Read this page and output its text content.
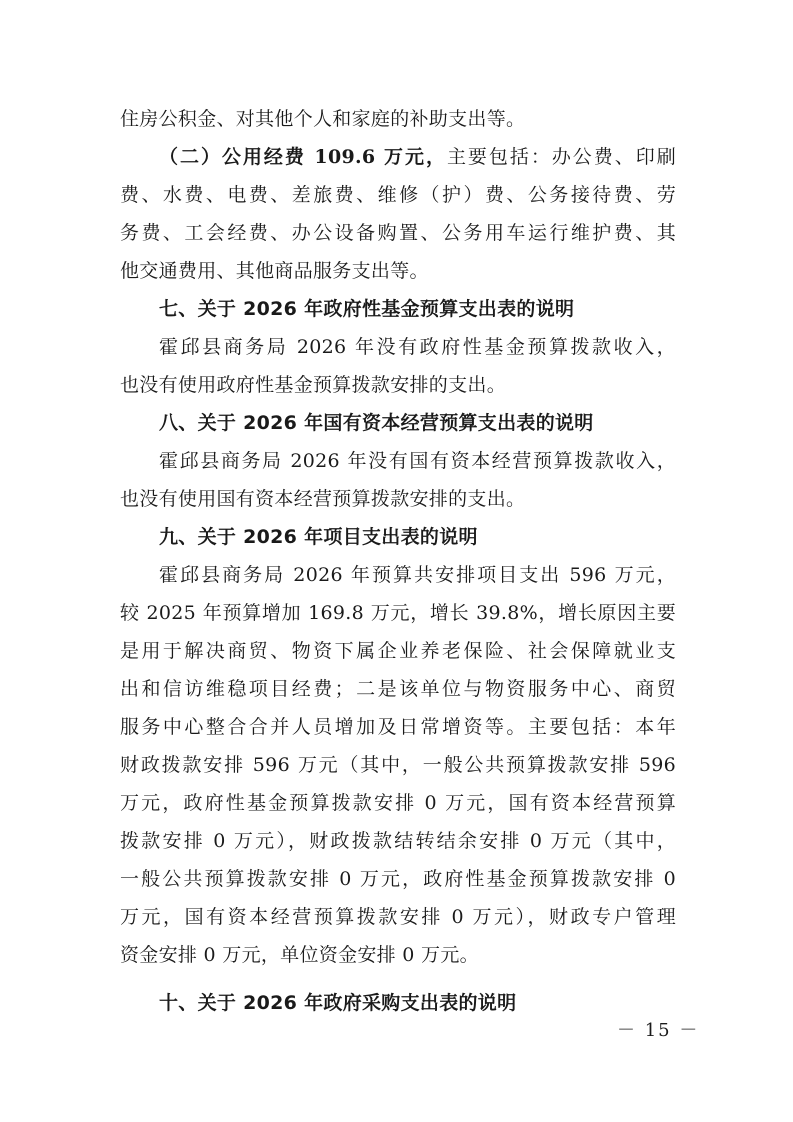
住房公积金、对其他个人和家庭的补助支出等。
（二）公用经费 109.6 万元，主要包括：办公费、印刷
费、水费、电费、差旅费、维修（护）费、公务接待费、劳
务费、工会经费、办公设备购置、公务用车运行维护费、其
他交通费用、其他商品服务支出等。
七、关于 2026 年政府性基金预算支出表的说明
霍邱县商务局 2026 年没有政府性基金预算拨款收入，
也没有使用政府性基金预算拨款安排的支出。
八、关于 2026 年国有资本经营预算支出表的说明
霍邱县商务局 2026 年没有国有资本经营预算拨款收入，
也没有使用国有资本经营预算拨款安排的支出。
九、关于 2026 年项目支出表的说明
霍邱县商务局 2026 年预算共安排项目支出 596 万元，
较 2025 年预算增加 169.8 万元，增长 39.8%，增长原因主要
是用于解决商贸、物资下属企业养老保险、社会保障就业支
出和信访维稳项目经费；二是该单位与物资服务中心、商贸
服务中心整合合并人员增加及日常增资等。主要包括：本年
财政拨款安排 596 万元（其中，一般公共预算拨款安排 596
万元，政府性基金预算拨款安排 0 万元，国有资本经营预算
拨款安排 0 万元），财政拨款结转结余安排 0 万元（其中，
一般公共预算拨款安排 0 万元，政府性基金预算拨款安排 0
万元，国有资本经营预算拨款安排 0 万元），财政专户管理
资金安排 0 万元，单位资金安排 0 万元。
十、关于 2026 年政府采购支出表的说明
－ 15 －
